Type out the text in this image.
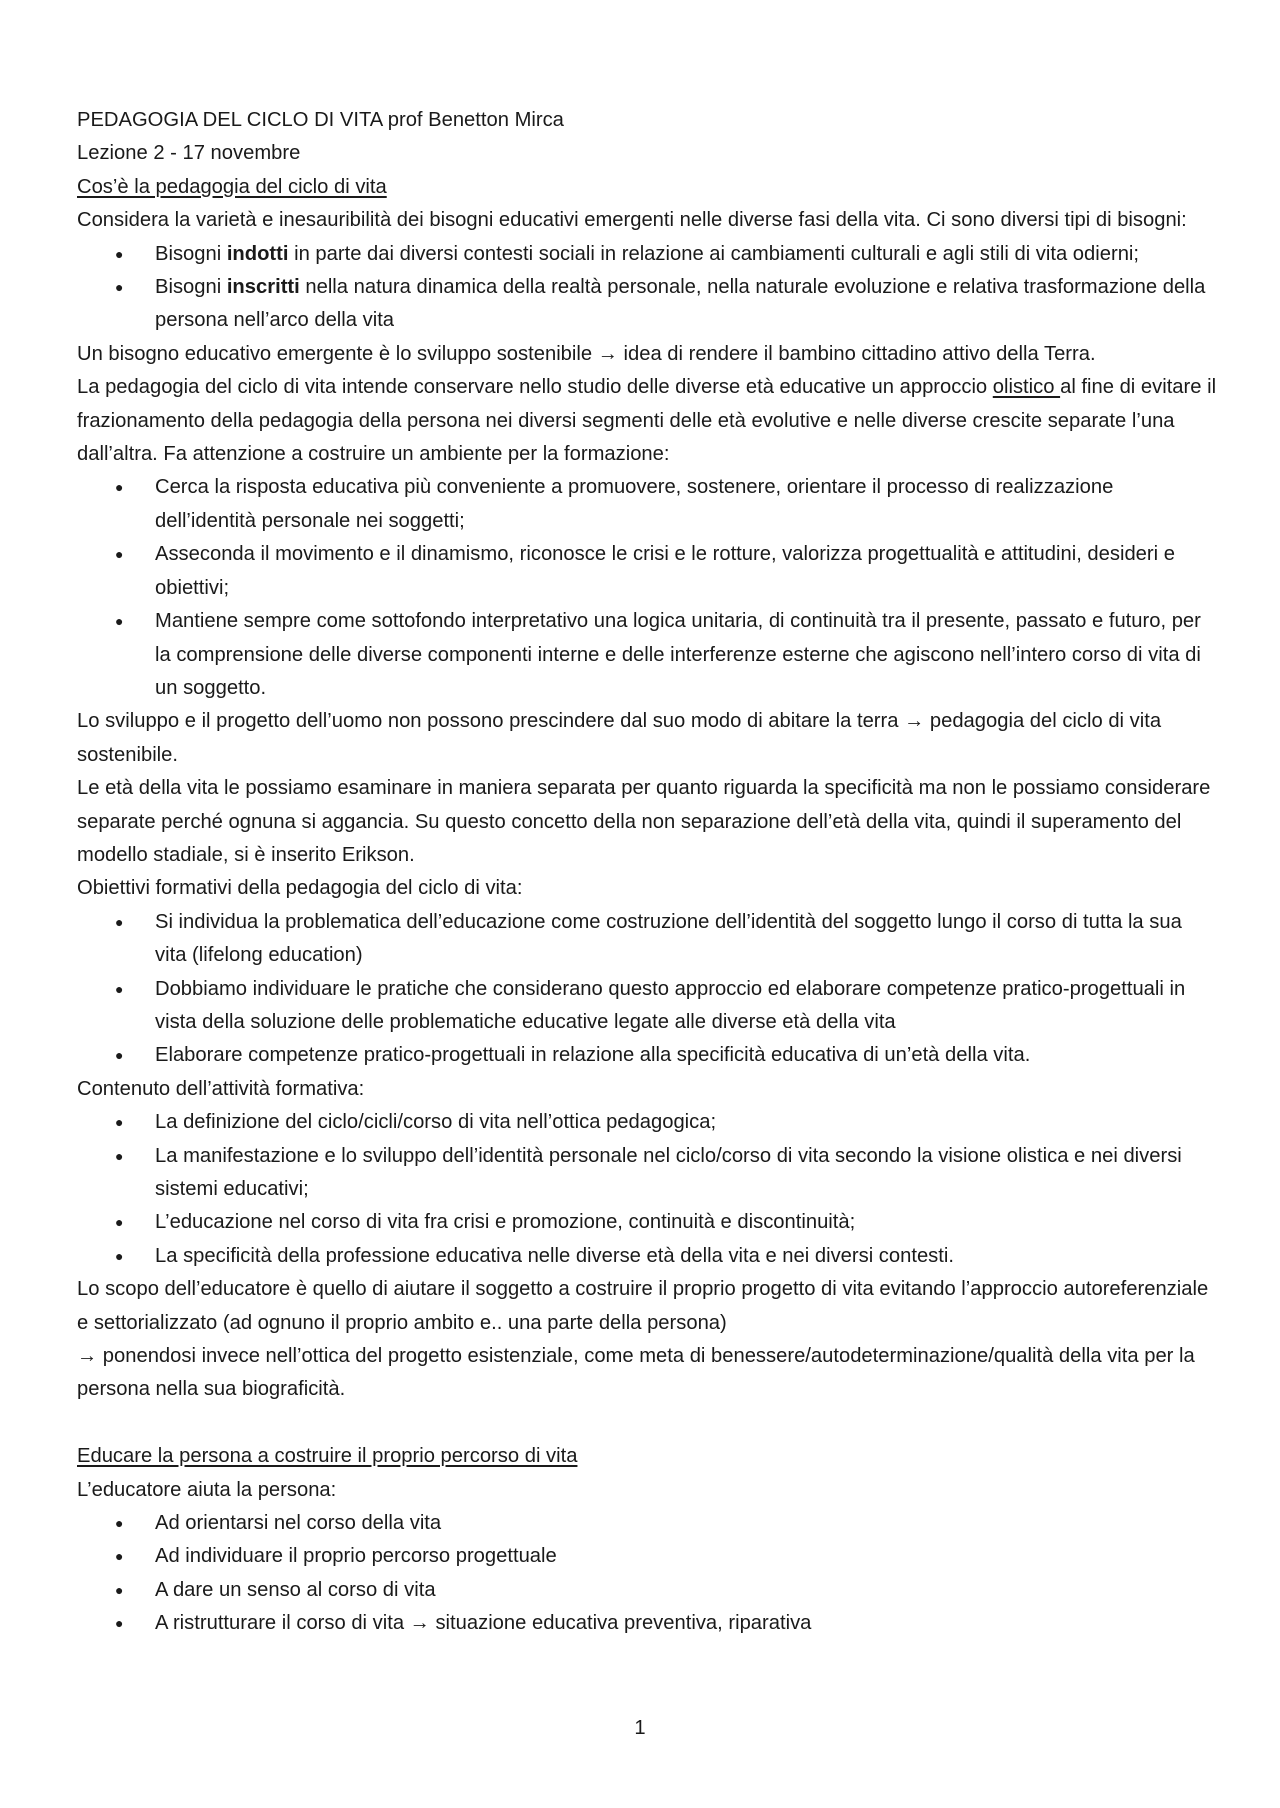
PEDAGOGIA DEL CICLO DI VITA prof Benetton Mirca

Lezione 2 - 17 novembre

Cos’è la pedagogia del ciclo di vita

Considera la varietà e inesauribilità dei bisogni educativi emergenti nelle diverse fasi della vita. Ci sono diversi tipi di bisogni:

● Bisogni indotti in parte dai diversi contesti sociali in relazione ai cambiamenti culturali e agli stili di vita odierni;
● Bisogni inscritti nella natura dinamica della realtà personale, nella naturale evoluzione e relativa trasformazione della persona nell’arco della vita

Un bisogno educativo emergente è lo sviluppo sostenibile → idea di rendere il bambino cittadino attivo della Terra.

La pedagogia del ciclo di vita intende conservare nello studio delle diverse età educative un approccio olistico al fine di evitare il frazionamento della pedagogia della persona nei diversi segmenti delle età evolutive e nelle diverse crescite separate l’una dall’altra. Fa attenzione a costruire un ambiente per la formazione:

● Cerca la risposta educativa più conveniente a promuovere, sostenere, orientare il processo di realizzazione dell’identità personale nei soggetti;
● Asseconda il movimento e il dinamismo, riconosce le crisi e le rotture, valorizza progettualità e attitudini, desideri e obiettivi;
● Mantiene sempre come sottofondo interpretativo una logica unitaria, di continuità tra il presente, passato e futuro, per la comprensione delle diverse componenti interne e delle interferenze esterne che agiscono nell’intero corso di vita di un soggetto.

Lo sviluppo e il progetto dell’uomo non possono prescindere dal suo modo di abitare la terra → pedagogia del ciclo di vita sostenibile.

Le età della vita le possiamo esaminare in maniera separata per quanto riguarda la specificità ma non le possiamo considerare separate perché ognuna si aggancia. Su questo concetto della non separazione dell’età della vita, quindi il superamento del modello stadiale, si è inserito Erikson.

Obiettivi formativi della pedagogia del ciclo di vita:

● Si individua la problematica dell’educazione come costruzione dell’identità del soggetto lungo il corso di tutta la sua vita (lifelong education)
● Dobbiamo individuare le pratiche che considerano questo approccio ed elaborare competenze pratico-progettuali in vista della soluzione delle problematiche educative legate alle diverse età della vita
● Elaborare competenze pratico-progettuali in relazione alla specificità educativa di un’età della vita.

Contenuto dell’attività formativa:

● La definizione del ciclo/cicli/corso di vita nell’ottica pedagogica;
● La manifestazione e lo sviluppo dell’identità personale nel ciclo/corso di vita secondo la visione olistica e nei diversi sistemi educativi;
● L’educazione nel corso di vita fra crisi e promozione, continuità e discontinuità;
● La specificità della professione educativa nelle diverse età della vita e nei diversi contesti.

Lo scopo dell’educatore è quello di aiutare il soggetto a costruire il proprio progetto di vita evitando l’approccio autoreferenziale e settorializzato (ad ognuno il proprio ambito e.. una parte della persona)

→ ponendosi invece nell’ottica del progetto esistenziale, come meta di benessere/autodeterminazione/qualità della vita per la persona nella sua biograficità.

Educare la persona a costruire il proprio percorso di vita

L’educatore aiuta la persona:

● Ad orientarsi nel corso della vita
● Ad individuare il proprio percorso progettuale
● A dare un senso al corso di vita
● A ristrutturare il corso di vita → situazione educativa preventiva, riparativa
1
